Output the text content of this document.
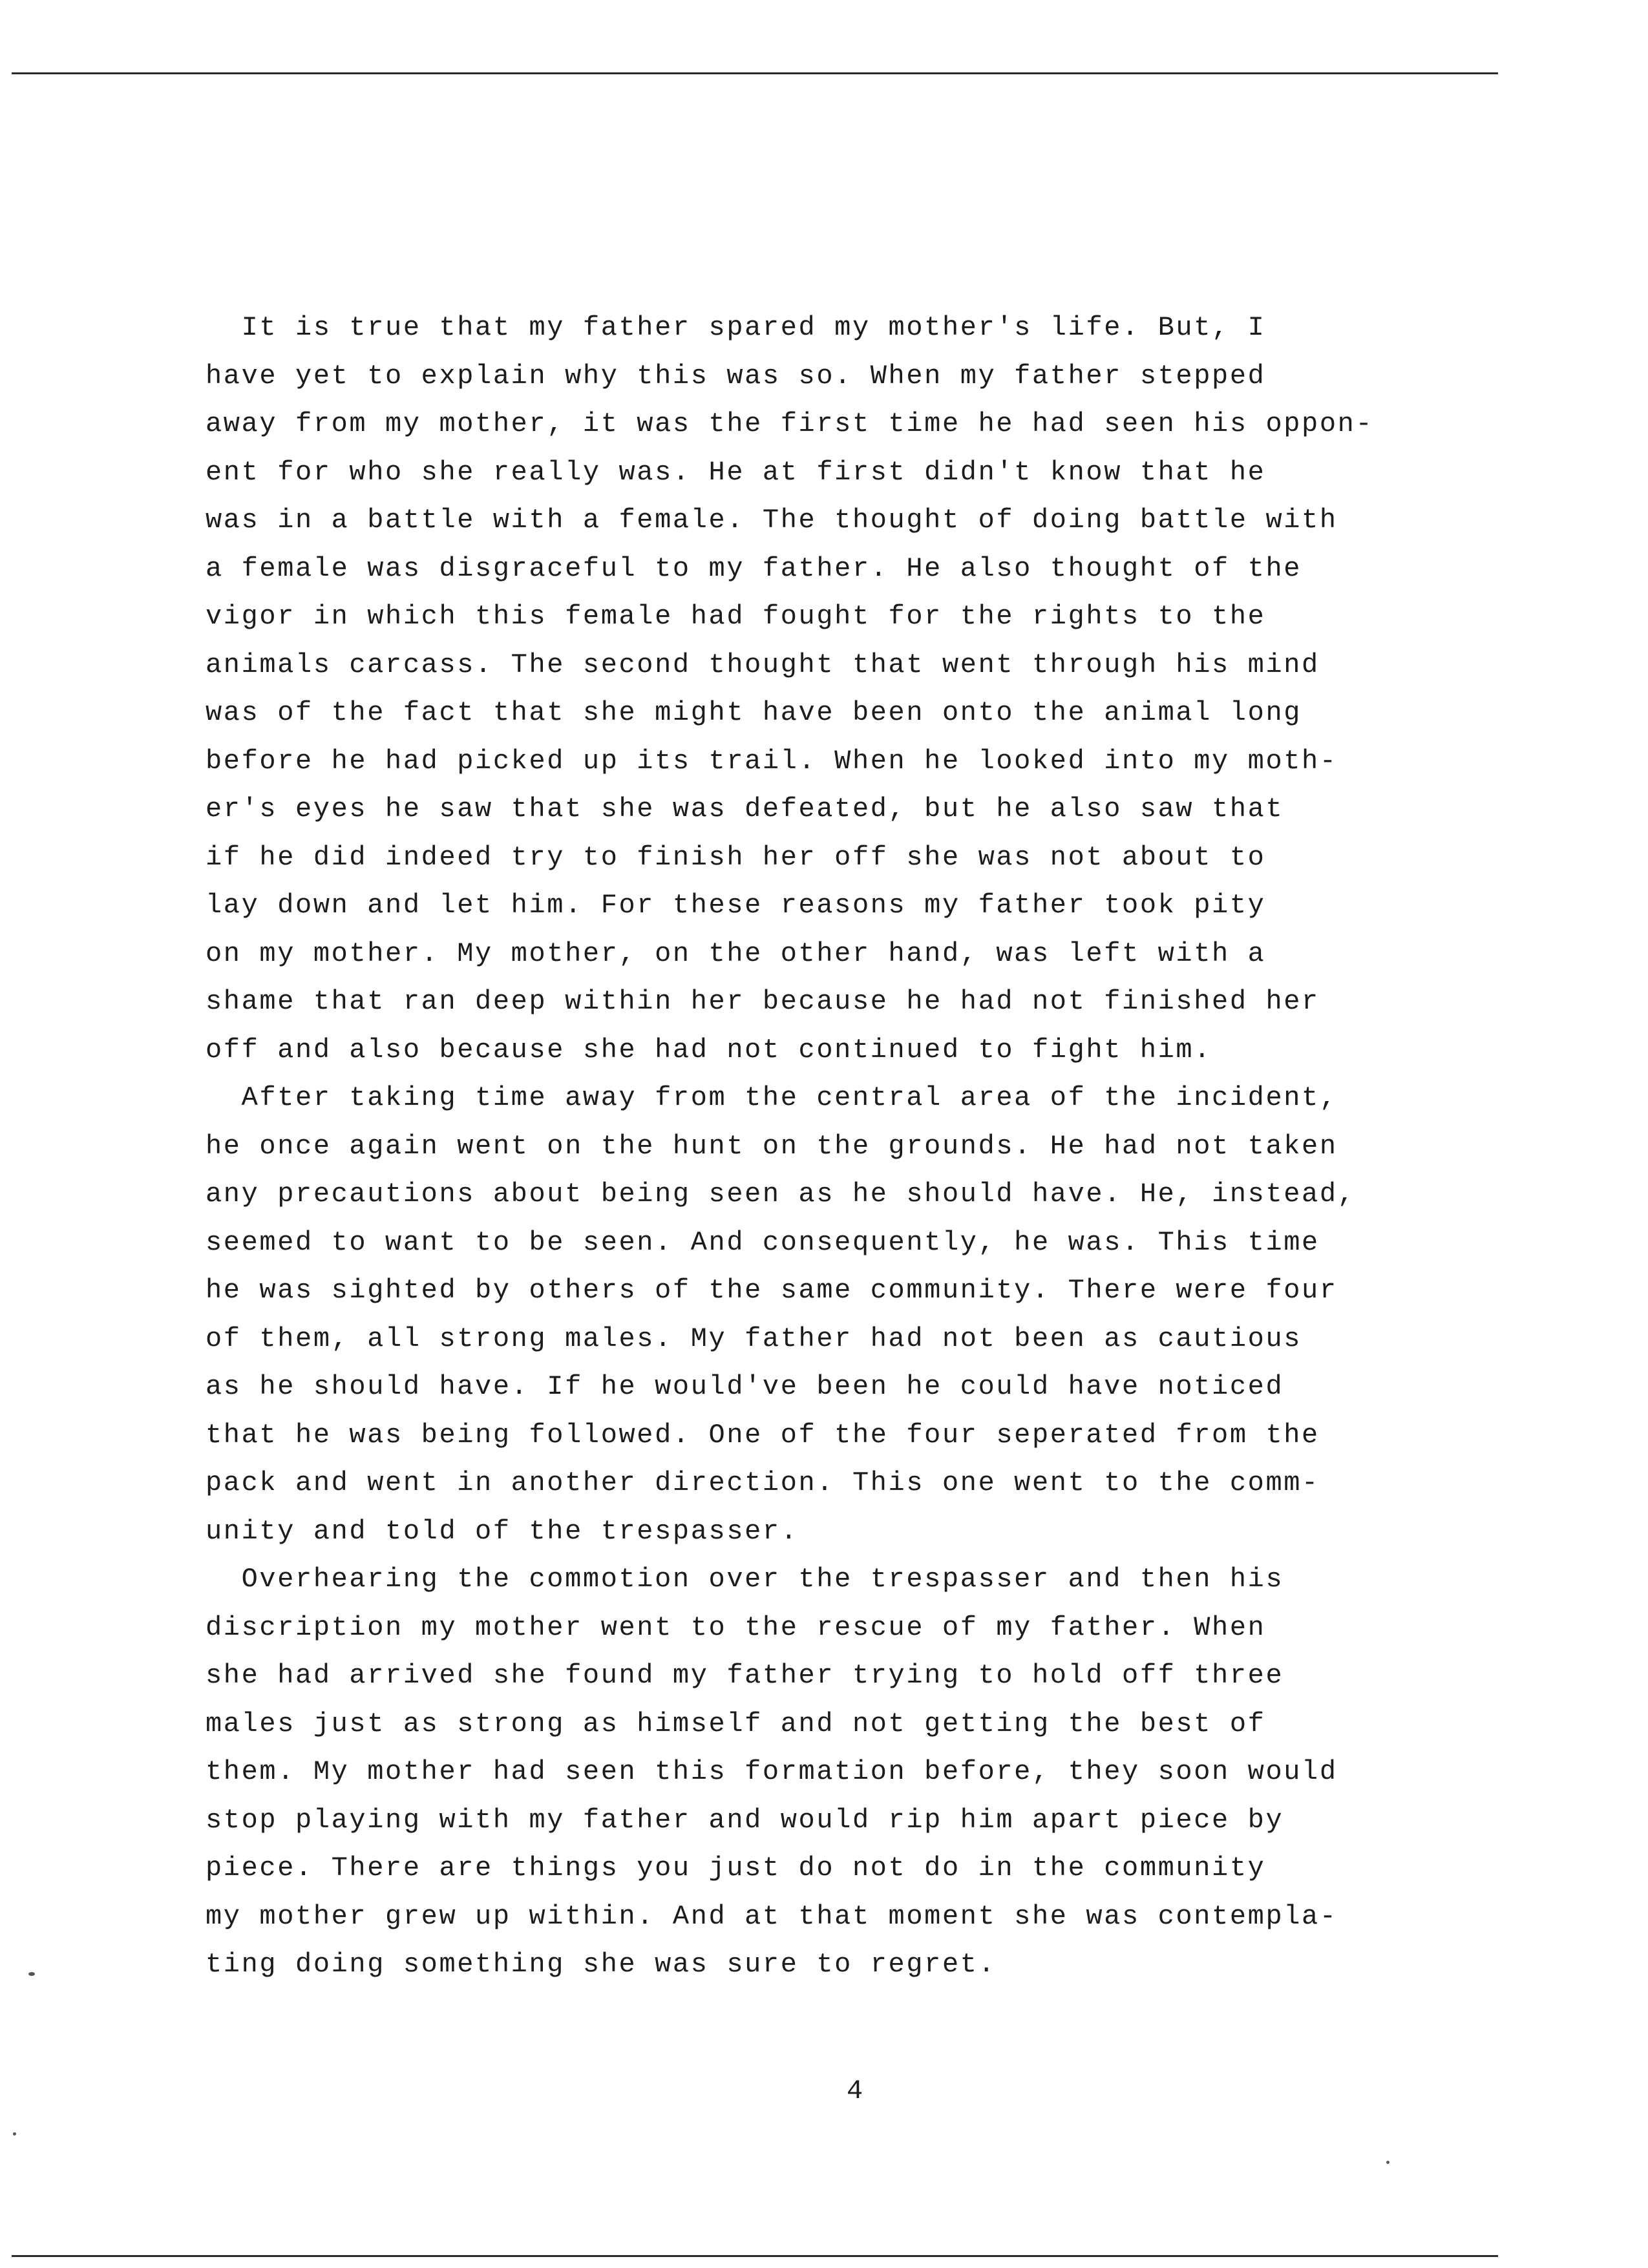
It is true that my father spared my mother's life. But, I
have yet to explain why this was so. When my father stepped
away from my mother, it was the first time he had seen his oppon-
ent for who she really was. He at first didn't know that he
was in a battle with a female. The thought of doing battle with
a female was disgraceful to my father. He also thought of the
vigor in which this female had fought for the rights to the
animals carcass. The second thought that went through his mind
was of the fact that she might have been onto the animal long
before he had picked up its trail. When he looked into my moth-
er's eyes he saw that she was defeated, but he also saw that
if he did indeed try to finish her off she was not about to
lay down and let him. For these reasons my father took pity
on my mother. My mother, on the other hand, was left with a
shame that ran deep within her because he had not finished her
off and also because she had not continued to fight him.
After taking time away from the central area of the incident,
he once again went on the hunt on the grounds. He had not taken
any precautions about being seen as he should have. He, instead,
seemed to want to be seen. And consequently, he was. This time
he was sighted by others of the same community. There were four
of them, all strong males. My father had not been as cautious
as he should have. If he would've been he could have noticed
that he was being followed. One of the four seperated from the
pack and went in another direction. This one went to the comm-
unity and told of the trespasser.
Overhearing the commotion over the trespasser and then his
discription my mother went to the rescue of my father. When
she had arrived she found my father trying to hold off three
males just as strong as himself and not getting the best of
them. My mother had seen this formation before, they soon would
stop playing with my father and would rip him apart piece by
piece. There are things you just do not do in the community
my mother grew up within. And at that moment she was contempla-
ting doing something she was sure to regret.
4
